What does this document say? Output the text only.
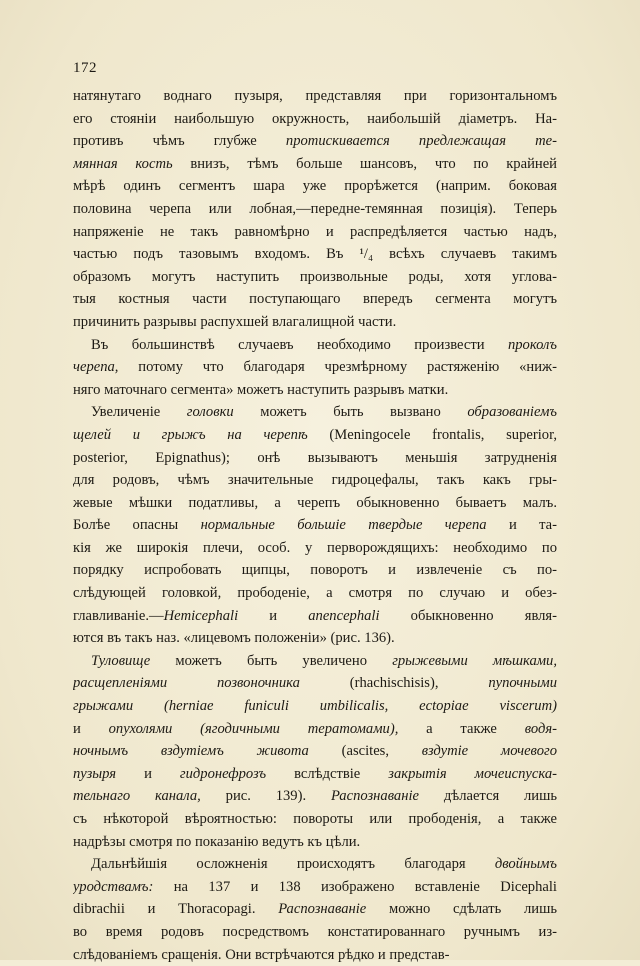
172
натянутаго воднаго пузыря, представляя при горизонтальномъ
его стояніи наибольшую окружность, наибольшій діаметръ. На-
противъ чѣмъ глубже протискивается предлежащая те-
мянная кость внизъ, тѣмъ больше шансовъ, что по крайней
мѣрѣ одинъ сегментъ шара уже прорѣжется (наприм. боковая
половина черепа или лобная,—передне-темянная позиція). Теперь
напряженіе не такъ равномѣрно и распредѣляется частью надъ,
частью подъ тазовымъ входомъ. Въ ¹/₄ всѣхъ случаевъ такимъ
образомъ могутъ наступить произвольные роды, хотя углова-
тыя костныя части поступающаго впередъ сегмента могутъ
причинить разрывы распухшей влагалищной части.
Въ большинствѣ случаевъ необходимо произвести проколъ
черепа, потому что благодаря чрезмѣрному растяженію «ниж-
няго маточнаго сегмента» можетъ наступить разрывъ матки.
Увеличеніе головки можетъ быть вызвано образованіемъ
щелей и грыжъ на черепѣ (Meningocele frontalis, superior,
posterior, Epignathus); онѣ вызываютъ меньшія затрудненія
для родовъ, чѣмъ значительные гидроцефалы, такъ какъ гры-
жевые мѣшки податливы, а черепъ обыкновенно бываетъ малъ.
Болѣе опасны нормальные большіе твердые черепа и та-
кія же широкія плечи, особ. у перворождящихъ: необходимо по
порядку испробовать щипцы, поворотъ и извлеченіе съ по-
слѣдующей головкой, прободеніе, а смотря по случаю и обез-
главливаніе.—Hemicephali и anencephali обыкновенно явля-
ются въ такъ наз. «лицевомъ положеніи» (рис. 136).
Туловище можетъ быть увеличено грыжевыми мѣшками,
расщепленіями позвоночника (rhachischisis), пупочными
грыжами (herniae funiculi umbilicalis, ectopiae viscerum)
и опухолями (ягодичными тератомами), а также водя-
ночнымъ вздутіемъ живота (ascites, вздутіе мочевого
пузыря и гидронефрозъ вслѣдствіе закрытія мочеиспуска-
тельнаго канала, рис. 139). Распознаваніе дѣлается лишь
съ нѣкоторой вѣроятностью: повороты или прободенія, а также
надрѣзы смотря по показанію ведутъ къ цѣли.
Дальнѣйшія осложненія происходятъ благодаря двойнымъ
уродствамъ: на 137 и 138 изображено вставленіе Dicephali
dibrachii и Thoracopagi. Распознаваніе можно сдѣлать лишь
во время родовъ посредствомъ констатированнаго ручнымъ из-
слѣдованіемъ сращенія. Они встрѣчаются рѣдко и представ-
